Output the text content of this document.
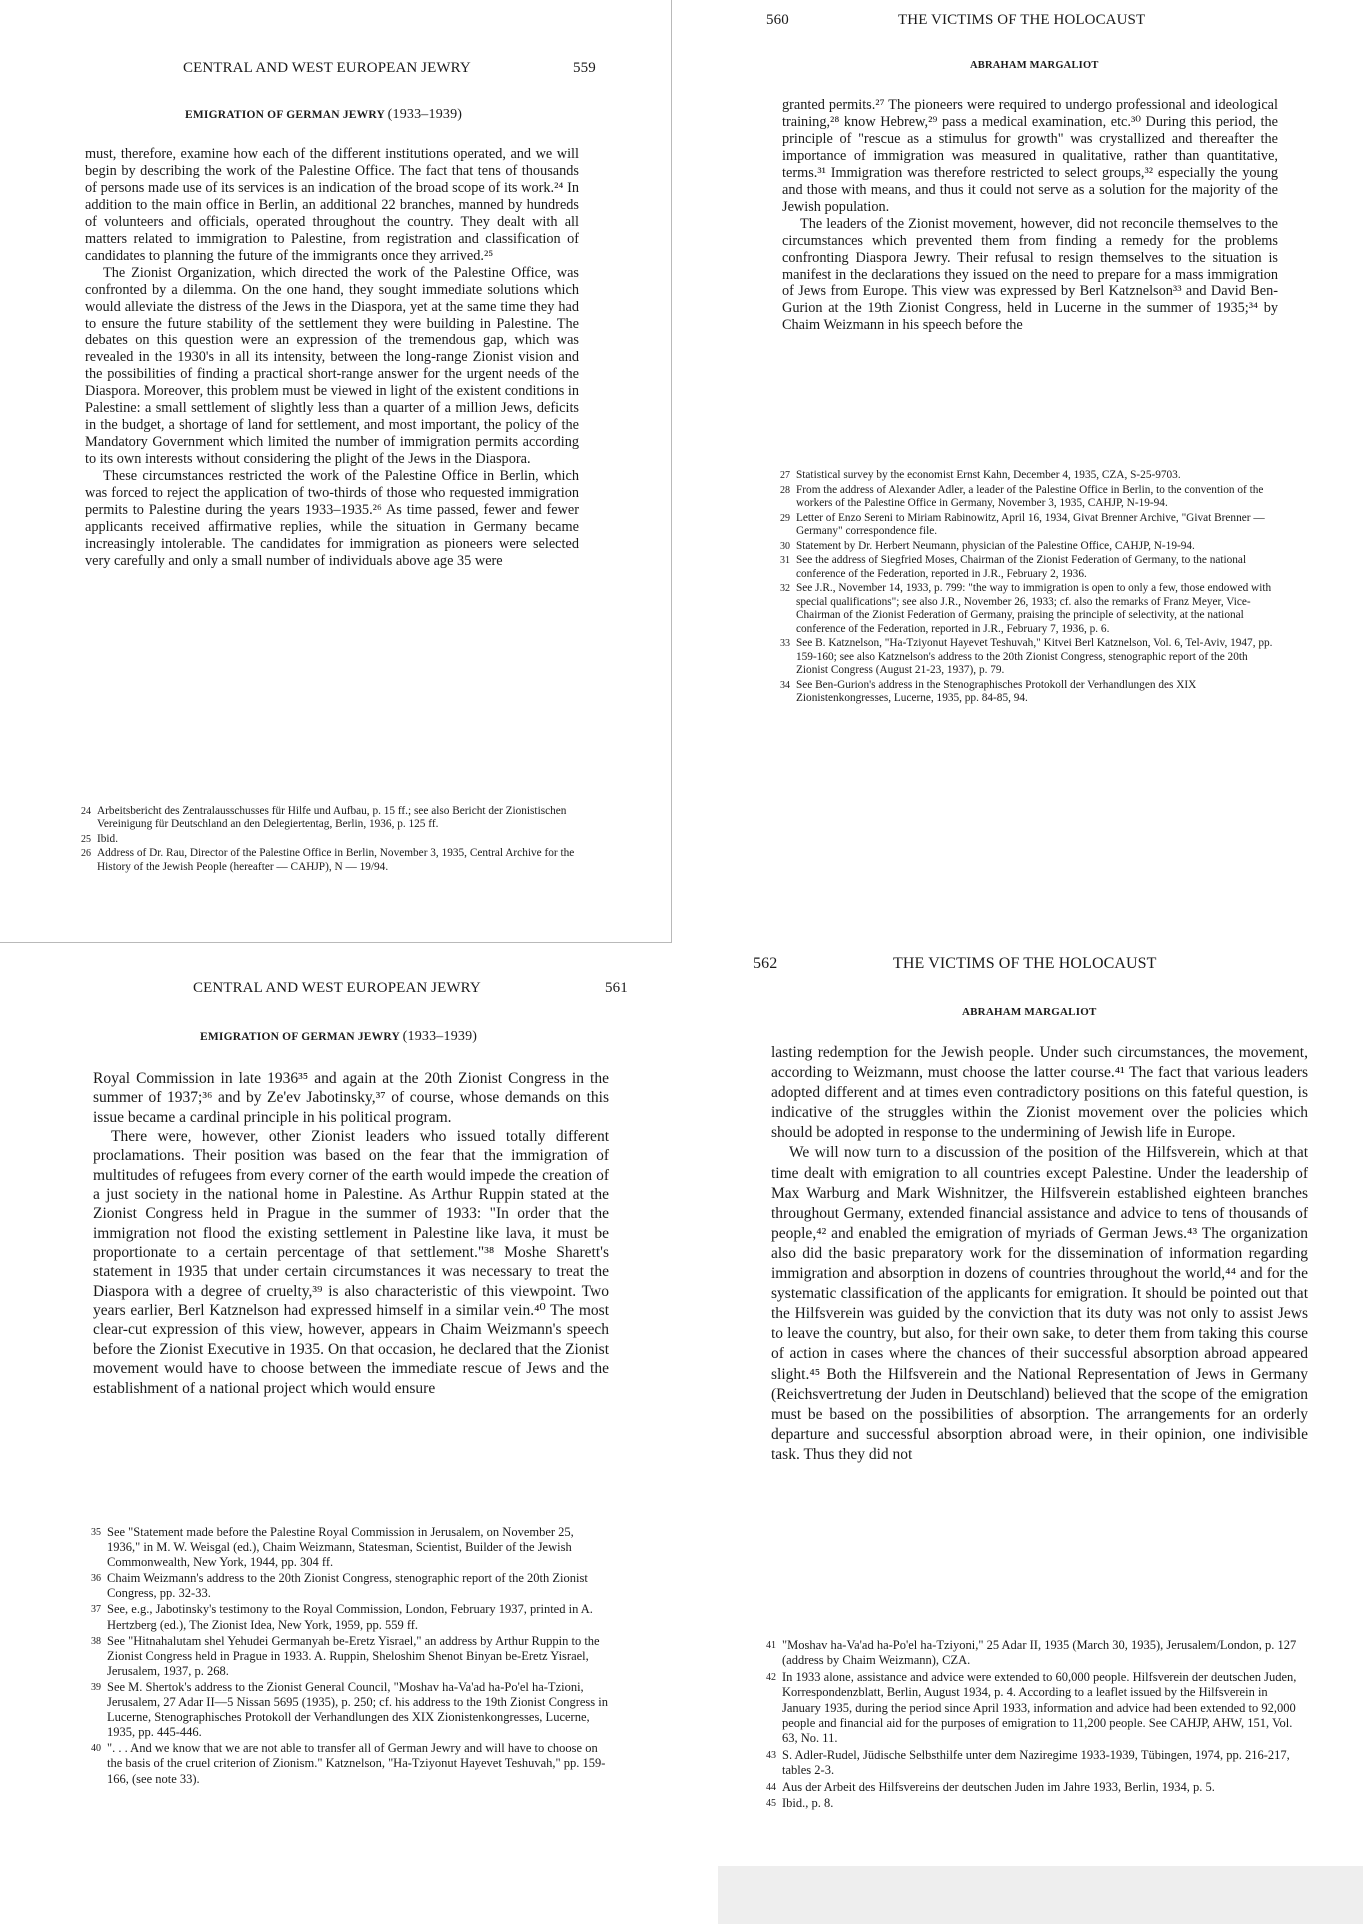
CENTRAL AND WEST EUROPEAN JEWRY	559
EMIGRATION OF GERMAN JEWRY (1933–1939)

must, therefore, examine how each of the different institutions operated, and we will begin by describing the work of the Palestine Office. The fact that tens of thousands of persons made use of its services is an indication of the broad scope of its work.²⁴ In addition to the main office in Berlin, an additional 22 branches, manned by hundreds of volunteers and officials, operated throughout the country. They dealt with all matters related to immigration to Palestine, from registration and classification of candidates to planning the future of the immigrants once they arrived.²⁵

The Zionist Organization, which directed the work of the Palestine Office, was confronted by a dilemma. On the one hand, they sought immediate solutions which would alleviate the distress of the Jews in the Diaspora, yet at the same time they had to ensure the future stability of the settlement they were building in Palestine. The debates on this question were an expression of the tremendous gap, which was revealed in the 1930's in all its intensity, between the long-range Zionist vision and the possibilities of finding a practical short-range answer for the urgent needs of the Diaspora. Moreover, this problem must be viewed in light of the existent conditions in Palestine: a small settlement of slightly less than a quarter of a million Jews, deficits in the budget, a shortage of land for settlement, and most important, the policy of the Mandatory Government which limited the number of immigration permits according to its own interests without considering the plight of the Jews in the Diaspora.

These circumstances restricted the work of the Palestine Office in Berlin, which was forced to reject the application of two-thirds of those who requested immigration permits to Palestine during the years 1933–1935.²⁶ As time passed, fewer and fewer applicants received affirmative replies, while the situation in Germany became increasingly intolerable. The candidates for immigration as pioneers were selected very carefully and only a small number of individuals above age 35 were

24 Arbeitsbericht des Zentralausschusses für Hilfe und Aufbau, p. 15 ff.; see also Bericht der Zionistischen Vereinigung für Deutschland an den Delegiertentag, Berlin, 1936, p. 125 ff.
25 Ibid.
26 Address of Dr. Rau, Director of the Palestine Office in Berlin, November 3, 1935, Central Archive for the History of the Jewish People (hereafter — CAHJP), N — 19/94.
560	THE VICTIMS OF THE HOLOCAUST
ABRAHAM MARGALIOT

granted permits.²⁷ The pioneers were required to undergo professional and ideological training,²⁸ know Hebrew,²⁹ pass a medical examination, etc.³⁰ During this period, the principle of "rescue as a stimulus for growth" was crystallized and thereafter the importance of immigration was measured in qualitative, rather than quantitative, terms.³¹ Immigration was therefore restricted to select groups,³² especially the young and those with means, and thus it could not serve as a solution for the majority of the Jewish population.

The leaders of the Zionist movement, however, did not reconcile themselves to the circumstances which prevented them from finding a remedy for the problems confronting Diaspora Jewry. Their refusal to resign themselves to the situation is manifest in the declarations they issued on the need to prepare for a mass immigration of Jews from Europe. This view was expressed by Berl Katznelson³³ and David Ben-Gurion at the 19th Zionist Congress, held in Lucerne in the summer of 1935;³⁴ by Chaim Weizmann in his speech before the

27 Statistical survey by the economist Ernst Kahn, December 4, 1935, CZA, S-25-9703.
28 From the address of Alexander Adler, a leader of the Palestine Office in Berlin, to the convention of the workers of the Palestine Office in Germany, November 3, 1935, CAHJP, N-19-94.
29 Letter of Enzo Sereni to Miriam Rabinowitz, April 16, 1934, Givat Brenner Archive, "Givat Brenner — Germany" correspondence file.
30 Statement by Dr. Herbert Neumann, physician of the Palestine Office, CAHJP, N-19-94.
31 See the address of Siegfried Moses, Chairman of the Zionist Federation of Germany, to the national conference of the Federation, reported in J.R., February 2, 1936.
32 See J.R., November 14, 1933, p. 799: "the way to immigration is open to only a few, those endowed with special qualifications"; see also J.R., November 26, 1933; cf. also the remarks of Franz Meyer, Vice-Chairman of the Zionist Federation of Germany, praising the principle of selectivity, at the national conference of the Federation, reported in J.R., February 7, 1936, p. 6.
33 See B. Katznelson, "Ha-Tziyonut Hayevet Teshuvah," Kitvei Berl Katznelson, Vol. 6, Tel-Aviv, 1947, pp. 159-160; see also Katznelson's address to the 20th Zionist Congress, stenographic report of the 20th Zionist Congress (August 21-23, 1937), p. 79.
34 See Ben-Gurion's address in the Stenographisches Protokoll der Verhandlungen des XIX Zionistenkongresses, Lucerne, 1935, pp. 84-85, 94.
CENTRAL AND WEST EUROPEAN JEWRY	561
EMIGRATION OF GERMAN JEWRY (1933–1939)

Royal Commission in late 1936³⁵ and again at the 20th Zionist Congress in the summer of 1937;³⁶ and by Ze'ev Jabotinsky,³⁷ of course, whose demands on this issue became a cardinal principle in his political program.

There were, however, other Zionist leaders who issued totally different proclamations. Their position was based on the fear that the immigration of multitudes of refugees from every corner of the earth would impede the creation of a just society in the national home in Palestine. As Arthur Ruppin stated at the Zionist Congress held in Prague in the summer of 1933: "In order that the immigration not flood the existing settlement in Palestine like lava, it must be proportionate to a certain percentage of that settlement."³⁸ Moshe Sharett's statement in 1935 that under certain circumstances it was necessary to treat the Diaspora with a degree of cruelty,³⁹ is also characteristic of this viewpoint. Two years earlier, Berl Katznelson had expressed himself in a similar vein.⁴⁰ The most clear-cut expression of this view, however, appears in Chaim Weizmann's speech before the Zionist Executive in 1935. On that occasion, he declared that the Zionist movement would have to choose between the immediate rescue of Jews and the establishment of a national project which would ensure

35 See "Statement made before the Palestine Royal Commission in Jerusalem, on November 25, 1936," in M. W. Weisgal (ed.), Chaim Weizmann, Statesman, Scientist, Builder of the Jewish Commonwealth, New York, 1944, pp. 304 ff.
36 Chaim Weizmann's address to the 20th Zionist Congress, stenographic report of the 20th Zionist Congress, pp. 32-33.
37 See, e.g., Jabotinsky's testimony to the Royal Commission, London, February 1937, printed in A. Hertzberg (ed.), The Zionist Idea, New York, 1959, pp. 559 ff.
38 See "Hitnahalutam shel Yehudei Germanyah be-Eretz Yisrael," an address by Arthur Ruppin to the Zionist Congress held in Prague in 1933. A. Ruppin, Sheloshim Shenot Binyan be-Eretz Yisrael, Jerusalem, 1937, p. 268.
39 See M. Shertok's address to the Zionist General Council, "Moshav ha-Va'ad ha-Po'el ha-Tzioni, Jerusalem, 27 Adar II—5 Nissan 5695 (1935), p. 250; cf. his address to the 19th Zionist Congress in Lucerne, Stenographisches Protokoll der Verhandlungen des XIX Zionistenkongresses, Lucerne, 1935, pp. 445-446.
40 ". . . And we know that we are not able to transfer all of German Jewry and will have to choose on the basis of the cruel criterion of Zionism." Katznelson, "Ha-Tziyonut Hayevet Teshuvah," pp. 159-166, (see note 33).
562	THE VICTIMS OF THE HOLOCAUST
ABRAHAM MARGALIOT

lasting redemption for the Jewish people. Under such circumstances, the movement, according to Weizmann, must choose the latter course.⁴¹ The fact that various leaders adopted different and at times even contradictory positions on this fateful question, is indicative of the struggles within the Zionist movement over the policies which should be adopted in response to the undermining of Jewish life in Europe.

We will now turn to a discussion of the position of the Hilfsverein, which at that time dealt with emigration to all countries except Palestine. Under the leadership of Max Warburg and Mark Wishnitzer, the Hilfsverein established eighteen branches throughout Germany, extended financial assistance and advice to tens of thousands of people,⁴² and enabled the emigration of myriads of German Jews.⁴³ The organization also did the basic preparatory work for the dissemination of information regarding immigration and absorption in dozens of countries throughout the world,⁴⁴ and for the systematic classification of the applicants for emigration. It should be pointed out that the Hilfsverein was guided by the conviction that its duty was not only to assist Jews to leave the country, but also, for their own sake, to deter them from taking this course of action in cases where the chances of their successful absorption abroad appeared slight.⁴⁵ Both the Hilfsverein and the National Representation of Jews in Germany (Reichsvertretung der Juden in Deutschland) believed that the scope of the emigration must be based on the possibilities of absorption. The arrangements for an orderly departure and successful absorption abroad were, in their opinion, one indivisible task. Thus they did not

41 "Moshav ha-Va'ad ha-Po'el ha-Tziyoni," 25 Adar II, 1935 (March 30, 1935), Jerusalem/London, p. 127 (address by Chaim Weizmann), CZA.
42 In 1933 alone, assistance and advice were extended to 60,000 people. Hilfsverein der deutschen Juden, Korrespondenzblatt, Berlin, August 1934, p. 4. According to a leaflet issued by the Hilfsverein in January 1935, during the period since April 1933, information and advice had been extended to 92,000 people and financial aid for the purposes of emigration to 11,200 people. See CAHJP, AHW, 151, Vol. 63, No. 11.
43 S. Adler-Rudel, Jüdische Selbsthilfe unter dem Naziregime 1933-1939, Tübingen, 1974, pp. 216-217, tables 2-3.
44 Aus der Arbeit des Hilfsvereins der deutschen Juden im Jahre 1933, Berlin, 1934, p. 5.
45 Ibid., p. 8.
